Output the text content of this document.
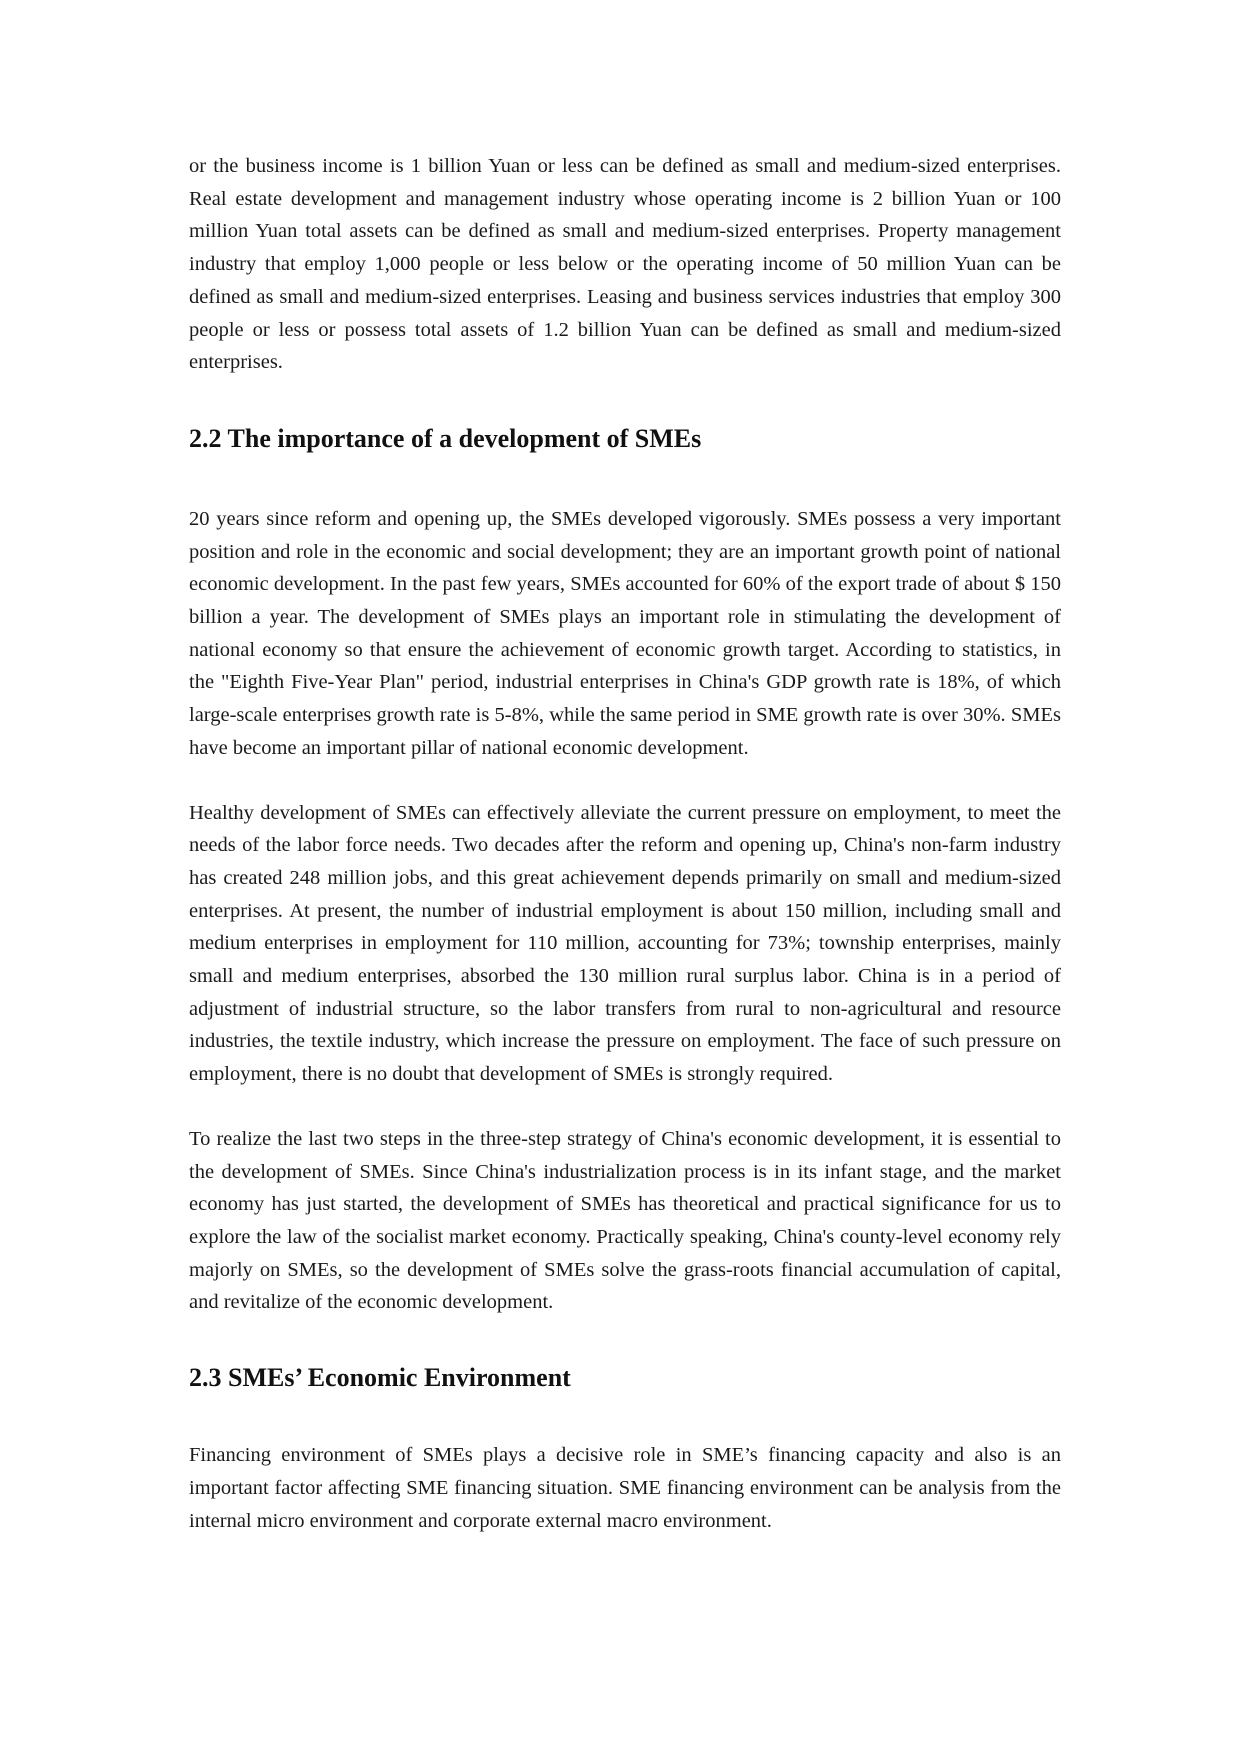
or the business income is 1 billion Yuan or less can be defined as small and medium-sized enterprises. Real estate development and management industry whose operating income is 2 billion Yuan or 100 million Yuan total assets can be defined as small and medium-sized enterprises. Property management industry that employ 1,000 people or less below or the operating income of 50 million Yuan can be defined as small and medium-sized enterprises. Leasing and business services industries that employ 300 people or less or possess total assets of 1.2 billion Yuan can be defined as small and medium-sized enterprises.

2.2 The importance of a development of SMEs

20 years since reform and opening up, the SMEs developed vigorously. SMEs possess a very important position and role in the economic and social development; they are an important growth point of national economic development. In the past few years, SMEs accounted for 60% of the export trade of about $ 150 billion a year. The development of SMEs plays an important role in stimulating the development of national economy so that ensure the achievement of economic growth target. According to statistics, in the "Eighth Five-Year Plan" period, industrial enterprises in China's GDP growth rate is 18%, of which large-scale enterprises growth rate is 5-8%, while the same period in SME growth rate is over 30%. SMEs have become an important pillar of national economic development.

Healthy development of SMEs can effectively alleviate the current pressure on employment, to meet the needs of the labor force needs. Two decades after the reform and opening up, China's non-farm industry has created 248 million jobs, and this great achievement depends primarily on small and medium-sized enterprises. At present, the number of industrial employment is about 150 million, including small and medium enterprises in employment for 110 million, accounting for 73%; township enterprises, mainly small and medium enterprises, absorbed the 130 million rural surplus labor. China is in a period of adjustment of industrial structure, so the labor transfers from rural to non-agricultural and resource industries, the textile industry, which increase the pressure on employment. The face of such pressure on employment, there is no doubt that development of SMEs is strongly required.

To realize the last two steps in the three-step strategy of China's economic development, it is essential to the development of SMEs. Since China's industrialization process is in its infant stage, and the market economy has just started, the development of SMEs has theoretical and practical significance for us to explore the law of the socialist market economy. Practically speaking, China's county-level economy rely majorly on SMEs, so the development of SMEs solve the grass-roots financial accumulation of capital, and revitalize of the economic development.

2.3 SMEs’ Economic Environment

Financing environment of SMEs plays a decisive role in SME’s financing capacity and also is an important factor affecting SME financing situation. SME financing environment can be analysis from the internal micro environment and corporate external macro environment.
